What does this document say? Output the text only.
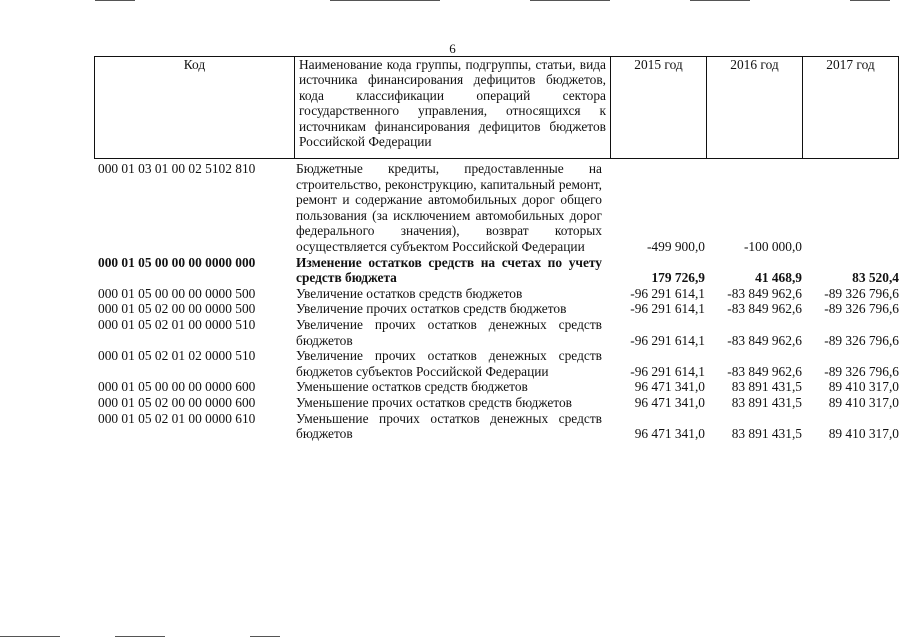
6
Код	Наименование кода группы, подгруппы, статьи, вида источника финансирования дефицитов бюджетов, кода классификации операций сектора государственного управления, относящихся к источникам финансирования дефицитов бюджетов Российской Федерации	2015 год	2016 год	2017 год
000 01 03 01 00 02 5102 810	Бюджетные кредиты, предоставленные на строительство, реконструкцию, капитальный ремонт, ремонт и содержание автомобильных дорог общего пользования (за исключением автомобильных дорог федерального значения), возврат которых осуществляется субъектом Российской Федерации	-499 900,0	-100 000,0	
000 01 05 00 00 00 0000 000	Изменение остатков средств на счетах по учету средств бюджета	179 726,9	41 468,9	83 520,4
000 01 05 00 00 00 0000 500	Увеличение остатков средств бюджетов	-96 291 614,1	-83 849 962,6	-89 326 796,6
000 01 05 02 00 00 0000 500	Увеличение прочих остатков средств бюджетов	-96 291 614,1	-83 849 962,6	-89 326 796,6
000 01 05 02 01 00 0000 510	Увеличение прочих остатков денежных средств бюджетов	-96 291 614,1	-83 849 962,6	-89 326 796,6
000 01 05 02 01 02 0000 510	Увеличение прочих остатков денежных средств бюджетов субъектов Российской Федерации	-96 291 614,1	-83 849 962,6	-89 326 796,6
000 01 05 00 00 00 0000 600	Уменьшение остатков средств бюджетов	96 471 341,0	83 891 431,5	89 410 317,0
000 01 05 02 00 00 0000 600	Уменьшение прочих остатков средств бюджетов	96 471 341,0	83 891 431,5	89 410 317,0
000 01 05 02 01 00 0000 610	Уменьшение прочих остатков денежных средств бюджетов	96 471 341,0	83 891 431,5	89 410 317,0
